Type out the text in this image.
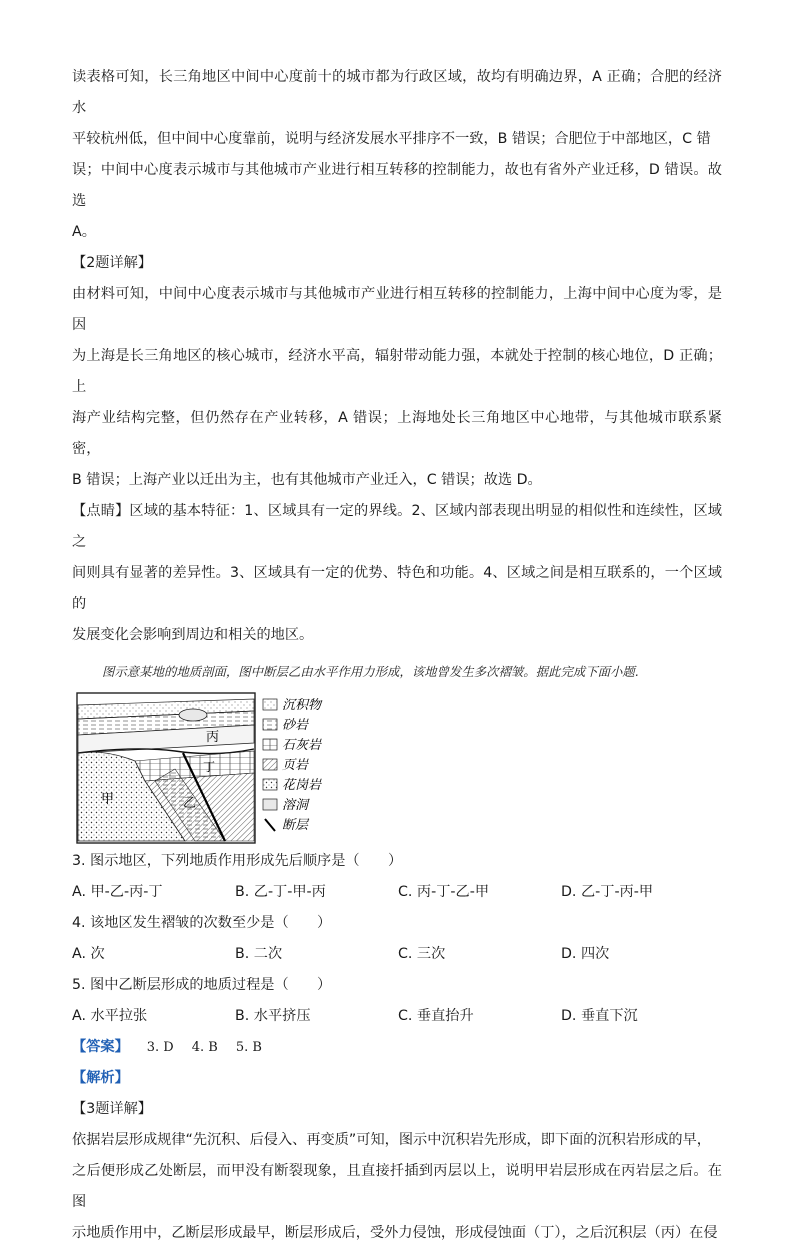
读表格可知，长三角地区中间中心度前十的城市都为行政区域，故均有明确边界，A 正确；合肥的经济水

平较杭州低，但中间中心度靠前，说明与经济发展水平排序不一致，B 错误；合肥位于中部地区，C 错

误；中间中心度表示城市与其他城市产业进行相互转移的控制能力，故也有省外产业迁移，D 错误。故选

A。

【2题详解】

由材料可知，中间中心度表示城市与其他城市产业进行相互转移的控制能力，上海中间中心度为零，是因

为上海是长三角地区的核心城市，经济水平高，辐射带动能力强，本就处于控制的核心地位，D 正确；上

海产业结构完整，但仍然存在产业转移，A 错误；上海地处长三角地区中心地带，与其他城市联系紧密，

B 错误；上海产业以迁出为主，也有其他城市产业迁入，C 错误；故选 D。

【点睛】区域的基本特征：1、区域具有一定的界线。2、区域内部表现出明显的相似性和连续性，区域之

间则具有显著的差异性。3、区域具有一定的优势、特色和功能。4、区域之间是相互联系的，一个区域的

发展变化会影响到周边和相关的地区。

图示意某地的地质剖面，图中断层乙由水平作用力形成，该地曾发生多次褶皱。据此完成下面小题.

丙
丁
甲	乙
沉积物
砂岩
石灰岩
页岩
花岗岩
溶洞
断层

3. 图示地区，下列地质作用形成先后顺序是（　　）

A. 甲-乙-丙-丁	B. 乙-丁-甲-丙	C. 丙-丁-乙-甲	D. 乙-丁-丙-甲

4. 该地区发生褶皱的次数至少是（　　）

A. 次	B. 二次	C. 三次	D. 四次

5. 图中乙断层形成的地质过程是（　　）

A. 水平拉张	B. 水平挤压	C. 垂直抬升	D. 垂直下沉
【答案】 3. D 4. B 5. B

【解析】

【3题详解】

依据岩层形成规律“先沉积、后侵入、再变质”可知，图示中沉积岩先形成，即下面的沉积岩形成的早，

之后便形成乙处断层，而甲没有断裂现象，且直接扦插到丙层以上，说明甲岩层形成在丙岩层之后。在图

示地质作用中，乙断层形成最早，断层形成后，受外力侵蚀，形成侵蚀面（丁），之后沉积层（丙）在侵
